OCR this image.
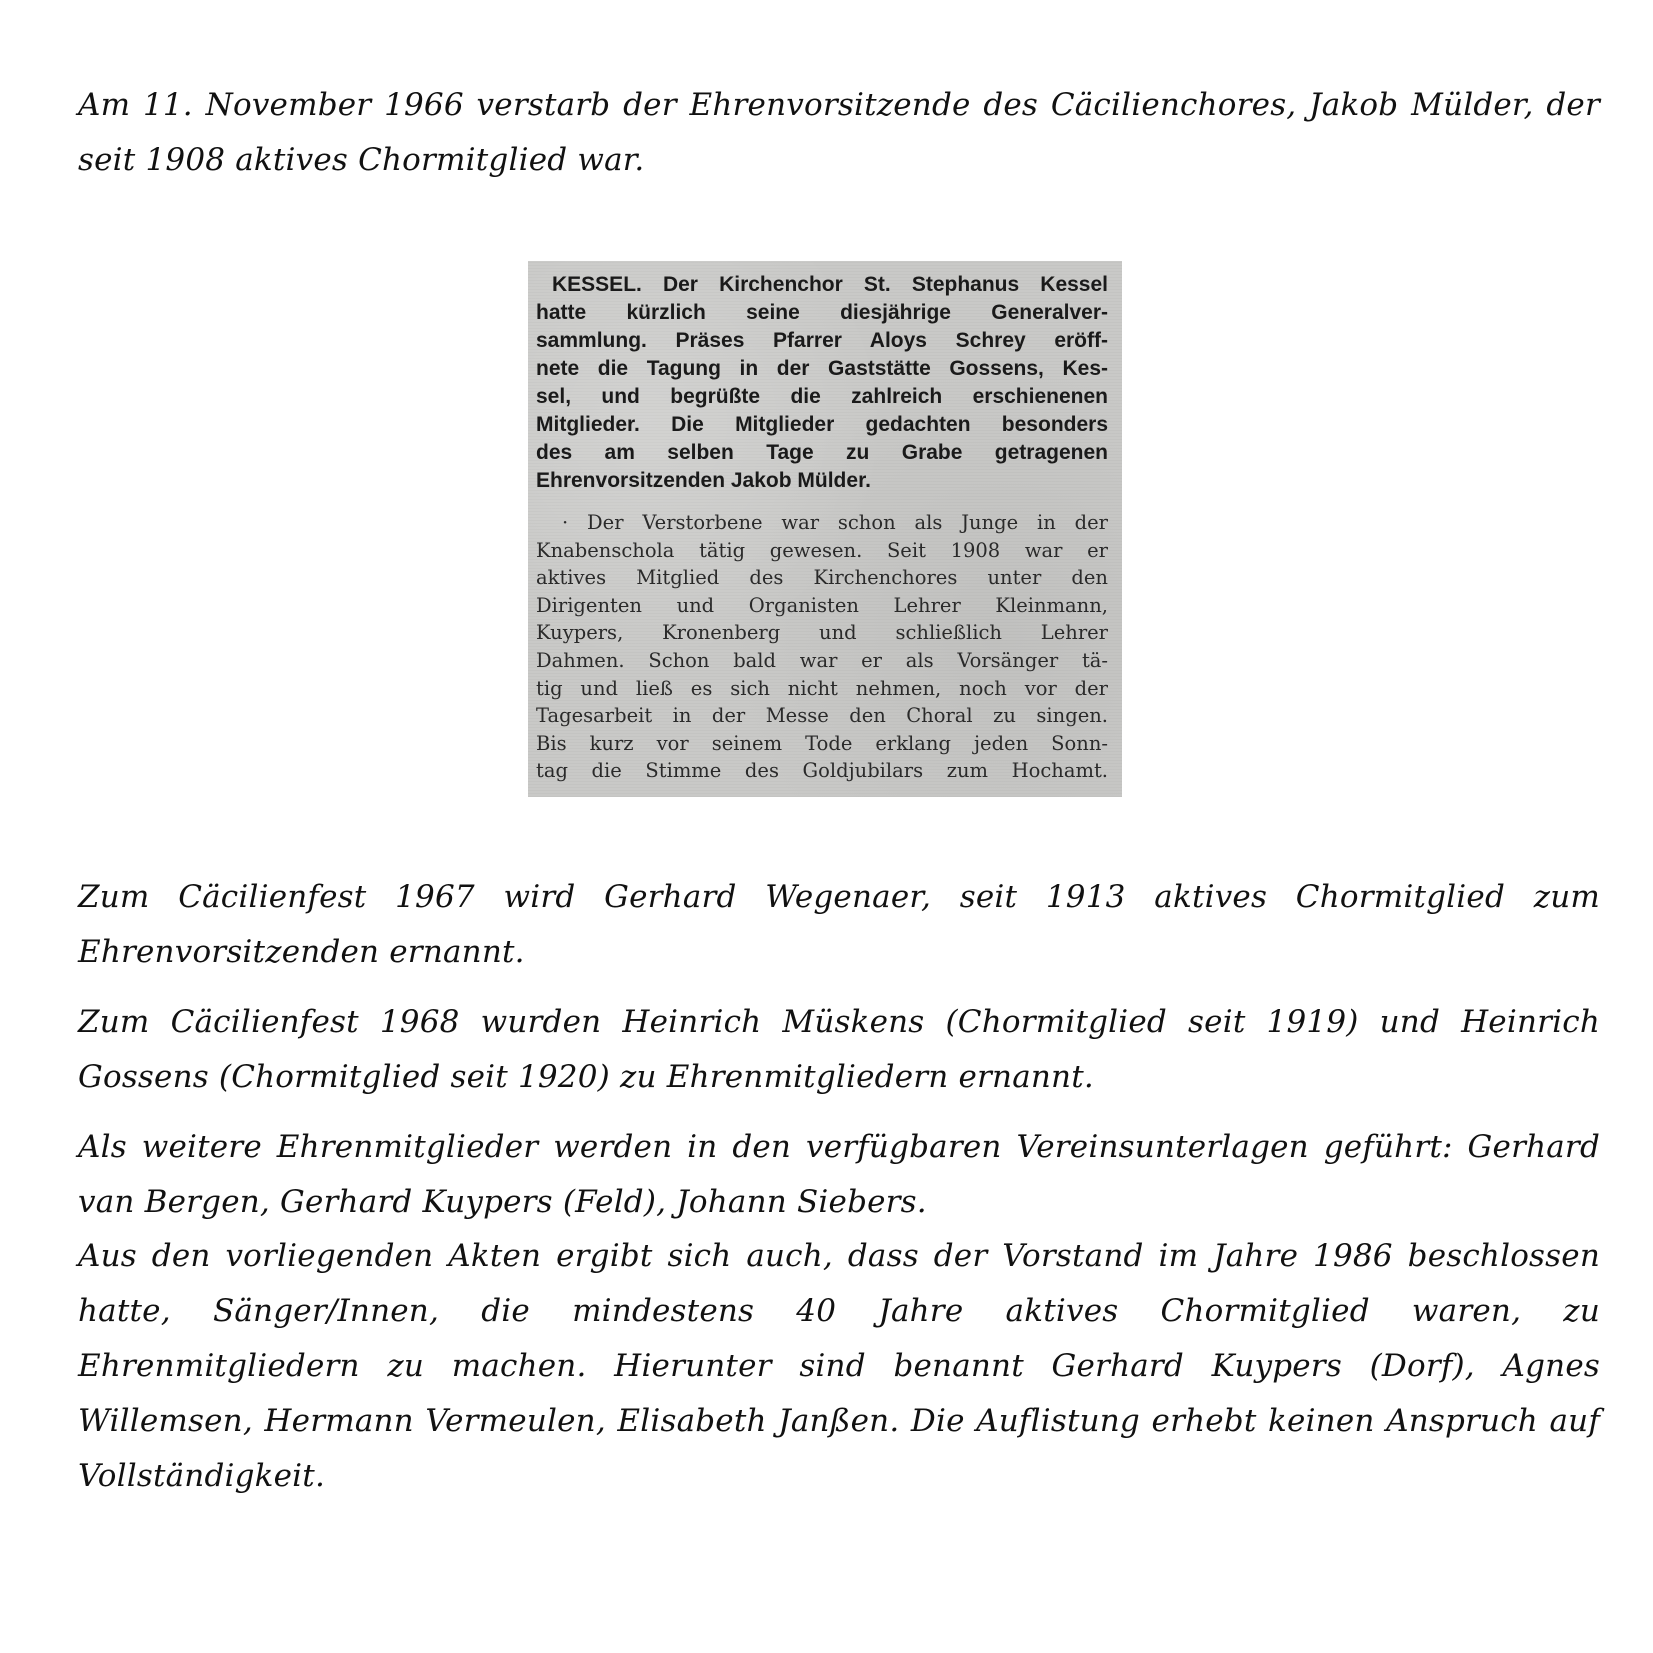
Am 11. November 1966 verstarb der Ehrenvorsitzende des Cäcilienchores, Jakob Mülder, der seit 1908 aktives Chormitglied war.

KESSEL. Der Kirchenchor St. Stephanus Kessel
hatte kürzlich seine diesjährige Generalver-
sammlung. Präses Pfarrer Aloys Schrey eröff-
nete die Tagung in der Gaststätte Gossens, Kes-
sel, und begrüßte die zahlreich erschienenen
Mitglieder. Die Mitglieder gedachten besonders
des am selben Tage zu Grabe getragenen
Ehrenvorsitzenden Jakob Mülder.
· Der Verstorbene war schon als Junge in der
Knabenschola tätig gewesen. Seit 1908 war er
aktives Mitglied des Kirchenchores unter den
Dirigenten und Organisten Lehrer Kleinmann,
Kuypers, Kronenberg und schließlich Lehrer
Dahmen. Schon bald war er als Vorsänger tä-
tig und ließ es sich nicht nehmen, noch vor der
Tagesarbeit in der Messe den Choral zu singen.
Bis kurz vor seinem Tode erklang jeden Sonn-
tag die Stimme des Goldjubilars zum Hochamt.

Zum Cäcilienfest 1967 wird Gerhard Wegenaer, seit 1913 aktives Chormitglied zum Ehrenvorsitzenden ernannt.

Zum Cäcilienfest 1968 wurden Heinrich Müskens (Chormitglied seit 1919) und Heinrich Gossens (Chormitglied seit 1920) zu Ehrenmitgliedern ernannt.

Als weitere Ehrenmitglieder werden in den verfügbaren Vereinsunterlagen geführt: Gerhard van Bergen, Gerhard Kuypers (Feld), Johann Siebers.

Aus den vorliegenden Akten ergibt sich auch, dass der Vorstand im Jahre 1986 beschlossen hatte, Sänger/Innen, die mindestens 40 Jahre aktives Chormitglied waren, zu Ehrenmitgliedern zu machen. Hierunter sind benannt Gerhard Kuypers (Dorf), Agnes Willemsen, Hermann Vermeulen, Elisabeth Janßen. Die Auflistung erhebt keinen Anspruch auf Vollständigkeit.
